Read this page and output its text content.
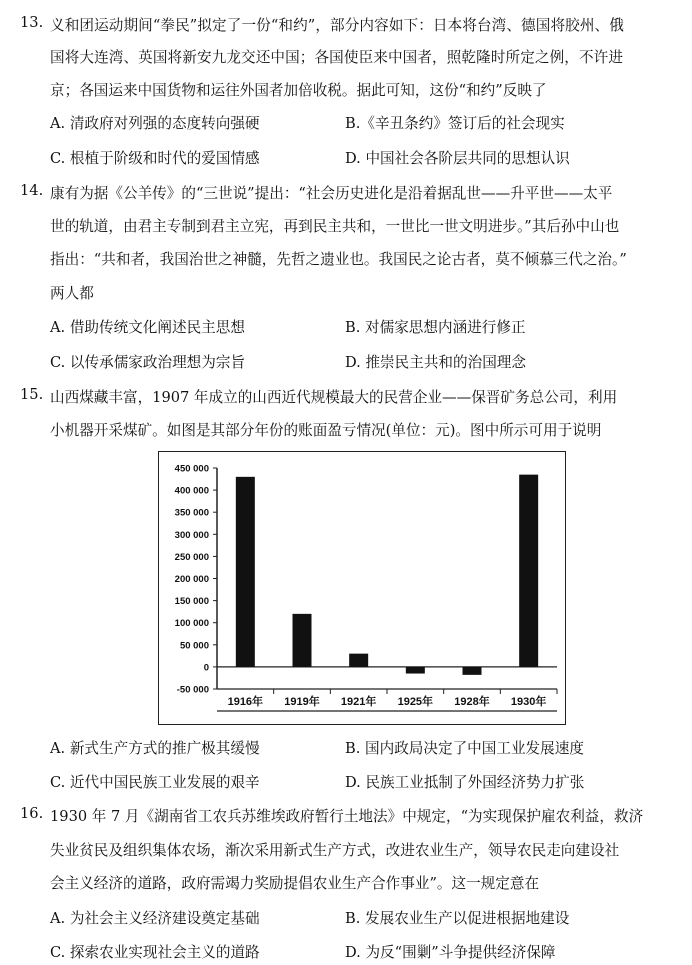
13. 义和团运动期间“拳民”拟定了一份“和约”，部分内容如下：日本将台湾、德国将胶州、俄
国将大连湾、英国将新安九龙交还中国；各国使臣来中国者，照乾隆时所定之例，不许进
京；各国运来中国货物和运往外国者加倍收税。据此可知，这份“和约”反映了
A. 清政府对列强的态度转向强硬	B.《辛丑条约》签订后的社会现实
C. 根植于阶级和时代的爱国情感	D. 中国社会各阶层共同的思想认识
14. 康有为据《公羊传》的“三世说”提出：“社会历史进化是沿着据乱世——升平世——太平
世的轨道，由君主专制到君主立宪，再到民主共和，一世比一世文明进步。”其后孙中山也
指出：“共和者，我国治世之神髓，先哲之遗业也。我国民之论古者，莫不倾慕三代之治。”
两人都
A. 借助传统文化阐述民主思想	B. 对儒家思想内涵进行修正
C. 以传承儒家政治理想为宗旨	D. 推崇民主共和的治国理念
15. 山西煤藏丰富，1907 年成立的山西近代规模最大的民营企业——保晋矿务总公司，利用
小机器开采煤矿。如图是其部分年份的账面盈亏情况(单位：元)。图中所示可用于说明
450 000
400 000
350 000
300 000
250 000
200 000
150 000
100 000
50 000
0
-50 000
1916年 1919年 1921年 1925年 1928年 1930年
A. 新式生产方式的推广极其缓慢	B. 国内政局决定了中国工业发展速度
C. 近代中国民族工业发展的艰辛	D. 民族工业抵制了外国经济势力扩张
16. 1930 年 7 月《湖南省工农兵苏维埃政府暂行土地法》中规定，“为实现保护雇农利益，救济
失业贫民及组织集体农场，渐次采用新式生产方式，改进农业生产，领导农民走向建设社
会主义经济的道路，政府需竭力奖励提倡农业生产合作事业”。这一规定意在
A. 为社会主义经济建设奠定基础	B. 发展农业生产以促进根据地建设
C. 探索农业实现社会主义的道路	D. 为反“围剿”斗争提供经济保障
